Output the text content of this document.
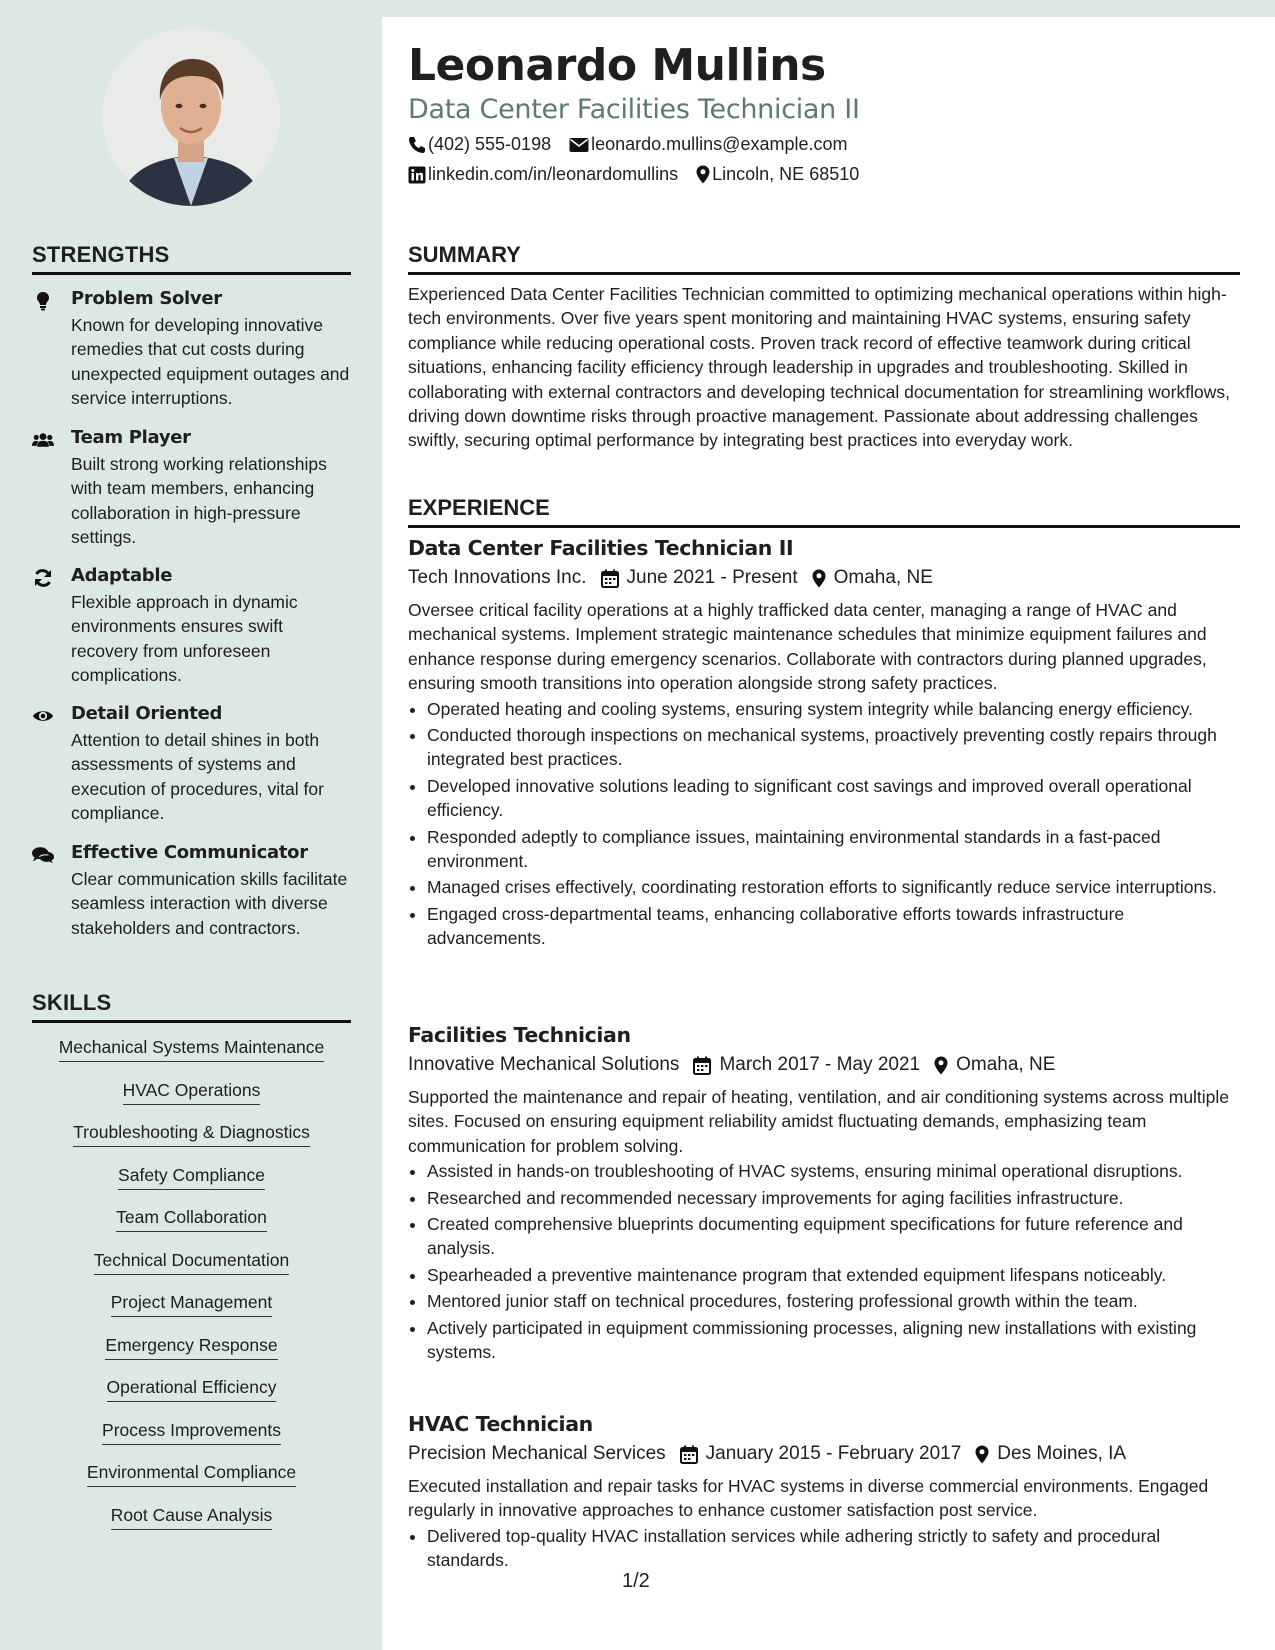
STRENGTHS
Problem Solver
Known for developing innovative remedies that cut costs during unexpected equipment outages and service interruptions.
Team Player
Built strong working relationships with team members, enhancing collaboration in high-pressure settings.
Adaptable
Flexible approach in dynamic environments ensures swift recovery from unforeseen complications.
Detail Oriented
Attention to detail shines in both assessments of systems and execution of procedures, vital for compliance.
Effective Communicator
Clear communication skills facilitate seamless interaction with diverse stakeholders and contractors.
SKILLS
Mechanical Systems Maintenance
HVAC Operations
Troubleshooting & Diagnostics
Safety Compliance
Team Collaboration
Technical Documentation
Project Management
Emergency Response
Operational Efficiency
Process Improvements
Environmental Compliance
Root Cause Analysis
Leonardo Mullins
Data Center Facilities Technician II
(402) 555-0198 leonardo.mullins@example.com
linkedin.com/in/leonardomullins Lincoln, NE 68510
SUMMARY
Experienced Data Center Facilities Technician committed to optimizing mechanical operations within high-tech environments. Over five years spent monitoring and maintaining HVAC systems, ensuring safety compliance while reducing operational costs. Proven track record of effective teamwork during critical situations, enhancing facility efficiency through leadership in upgrades and troubleshooting. Skilled in collaborating with external contractors and developing technical documentation for streamlining workflows, driving down downtime risks through proactive management. Passionate about addressing challenges swiftly, securing optimal performance by integrating best practices into everyday work.
EXPERIENCE
Data Center Facilities Technician II
Tech Innovations Inc. June 2021 - Present Omaha, NE
Oversee critical facility operations at a highly trafficked data center, managing a range of HVAC and mechanical systems. Implement strategic maintenance schedules that minimize equipment failures and enhance response during emergency scenarios. Collaborate with contractors during planned upgrades, ensuring smooth transitions into operation alongside strong safety practices.
• Operated heating and cooling systems, ensuring system integrity while balancing energy efficiency.
• Conducted thorough inspections on mechanical systems, proactively preventing costly repairs through integrated best practices.
• Developed innovative solutions leading to significant cost savings and improved overall operational efficiency.
• Responded adeptly to compliance issues, maintaining environmental standards in a fast-paced environment.
• Managed crises effectively, coordinating restoration efforts to significantly reduce service interruptions.
• Engaged cross-departmental teams, enhancing collaborative efforts towards infrastructure advancements.
Facilities Technician
Innovative Mechanical Solutions March 2017 - May 2021 Omaha, NE
Supported the maintenance and repair of heating, ventilation, and air conditioning systems across multiple sites. Focused on ensuring equipment reliability amidst fluctuating demands, emphasizing team communication for problem solving.
• Assisted in hands-on troubleshooting of HVAC systems, ensuring minimal operational disruptions.
• Researched and recommended necessary improvements for aging facilities infrastructure.
• Created comprehensive blueprints documenting equipment specifications for future reference and analysis.
• Spearheaded a preventive maintenance program that extended equipment lifespans noticeably.
• Mentored junior staff on technical procedures, fostering professional growth within the team.
• Actively participated in equipment commissioning processes, aligning new installations with existing systems.
HVAC Technician
Precision Mechanical Services January 2015 - February 2017 Des Moines, IA
Executed installation and repair tasks for HVAC systems in diverse commercial environments. Engaged regularly in innovative approaches to enhance customer satisfaction post service.
• Delivered top-quality HVAC installation services while adhering strictly to safety and procedural standards.
1/2
